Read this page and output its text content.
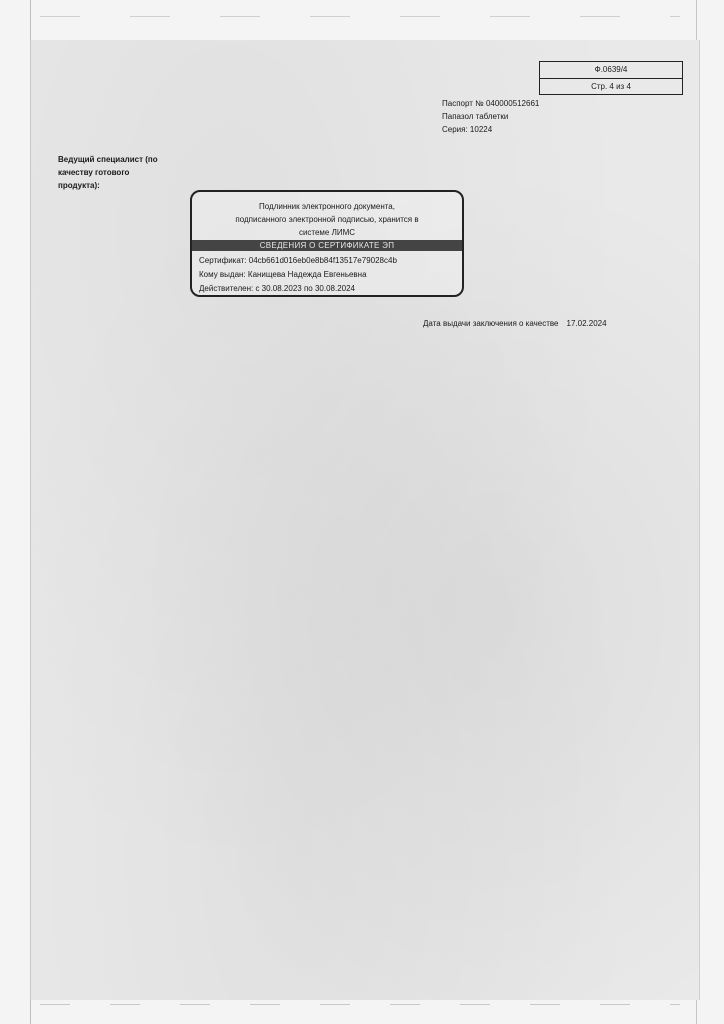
Ф.0639/4
Стр. 4 из 4
Паспорт № 040000512661
Папазол таблетки
Серия: 10224
Ведущий специалист (по
качеству готового
продукта):
Подлинник электронного документа,
подписанного электронной подписью, хранится в
системе ЛИМС
СВЕДЕНИЯ О СЕРТИФИКАТЕ ЭП
Сертификат: 04cb661d016eb0e8b84f13517e79028c4b
Кому выдан: Канищева Надежда Евгеньевна
Действителен: с 30.08.2023 по 30.08.2024
Дата выдачи заключения о качестве 17.02.2024
